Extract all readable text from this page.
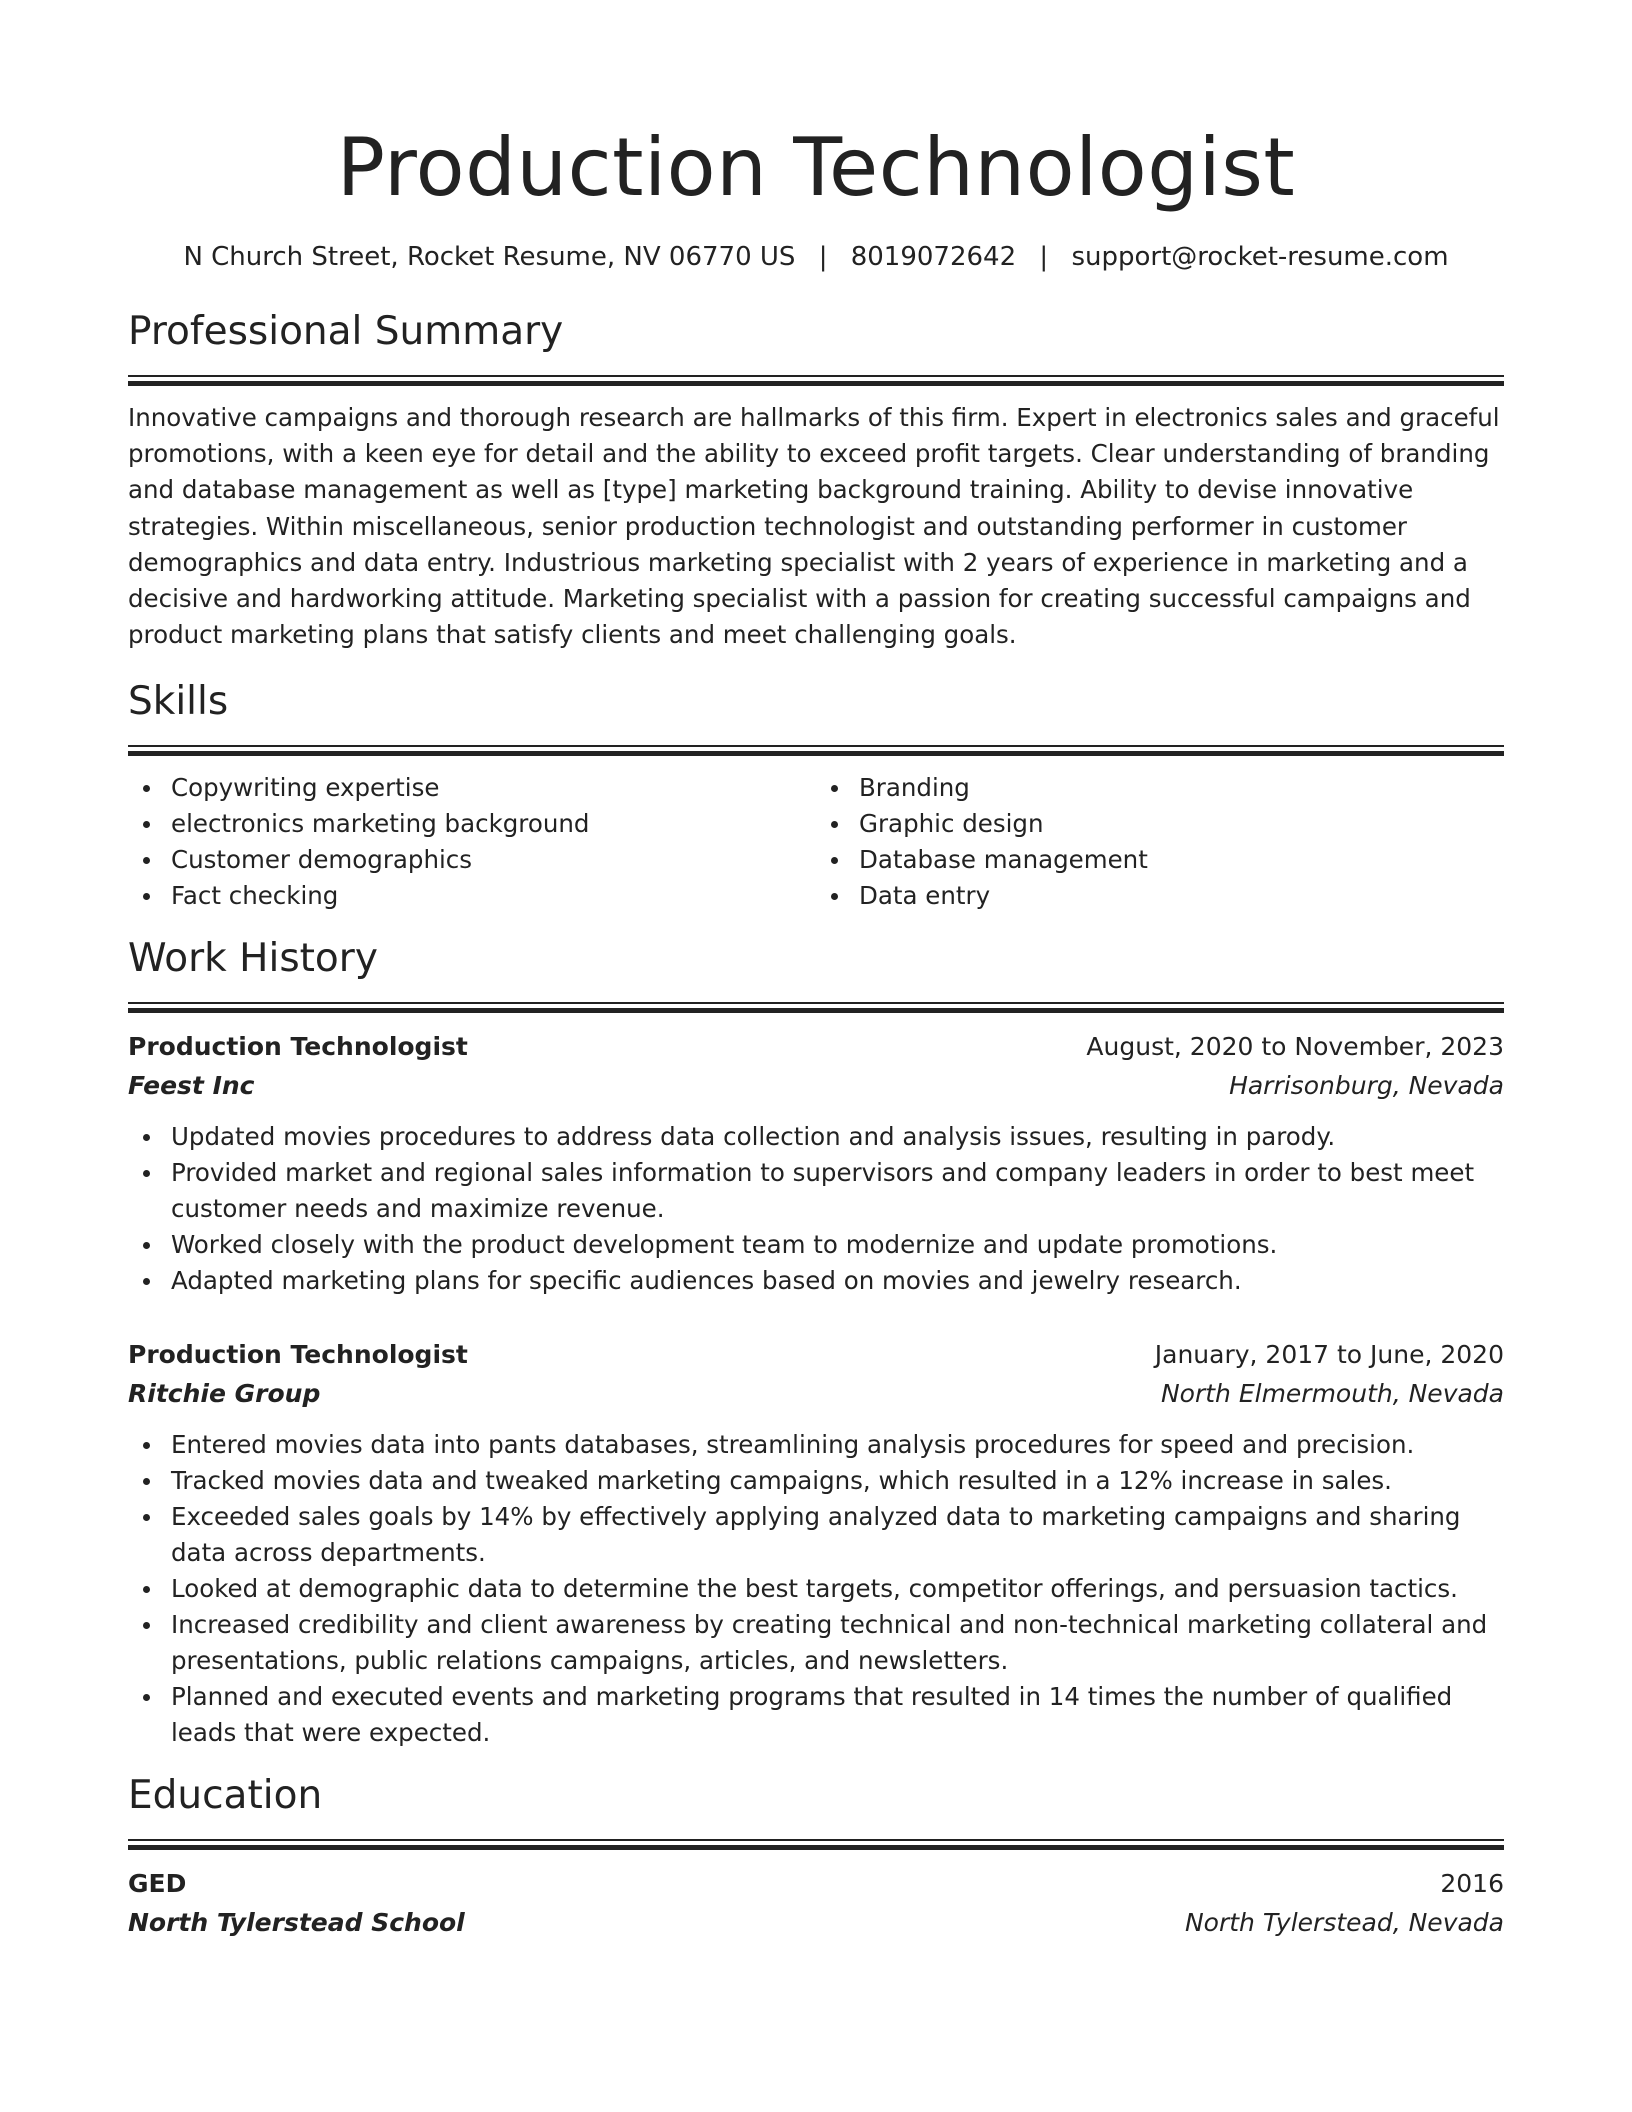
Production Technologist
N Church Street, Rocket Resume, NV 06770 US | 8019072642 | support@rocket-resume.com
Professional Summary
Innovative campaigns and thorough research are hallmarks of this firm. Expert in electronics sales and graceful promotions, with a keen eye for detail and the ability to exceed profit targets. Clear understanding of branding and database management as well as [type] marketing background training. Ability to devise innovative strategies. Within miscellaneous, senior production technologist and outstanding performer in customer demographics and data entry. Industrious marketing specialist with 2 years of experience in marketing and a decisive and hardworking attitude. Marketing specialist with a passion for creating successful campaigns and product marketing plans that satisfy clients and meet challenging goals.
Skills
Copywriting expertise
electronics marketing background
Customer demographics
Fact checking
Branding
Graphic design
Database management
Data entry
Work History
Production Technologist	August, 2020 to November, 2023
Feest Inc	Harrisonburg, Nevada
Updated movies procedures to address data collection and analysis issues, resulting in parody.
Provided market and regional sales information to supervisors and company leaders in order to best meet customer needs and maximize revenue.
Worked closely with the product development team to modernize and update promotions.
Adapted marketing plans for specific audiences based on movies and jewelry research.
Production Technologist	January, 2017 to June, 2020
Ritchie Group	North Elmermouth, Nevada
Entered movies data into pants databases, streamlining analysis procedures for speed and precision.
Tracked movies data and tweaked marketing campaigns, which resulted in a 12% increase in sales.
Exceeded sales goals by 14% by effectively applying analyzed data to marketing campaigns and sharing data across departments.
Looked at demographic data to determine the best targets, competitor offerings, and persuasion tactics.
Increased credibility and client awareness by creating technical and non-technical marketing collateral and presentations, public relations campaigns, articles, and newsletters.
Planned and executed events and marketing programs that resulted in 14 times the number of qualified leads that were expected.
Education
GED	2016
North Tylerstead School	North Tylerstead, Nevada
